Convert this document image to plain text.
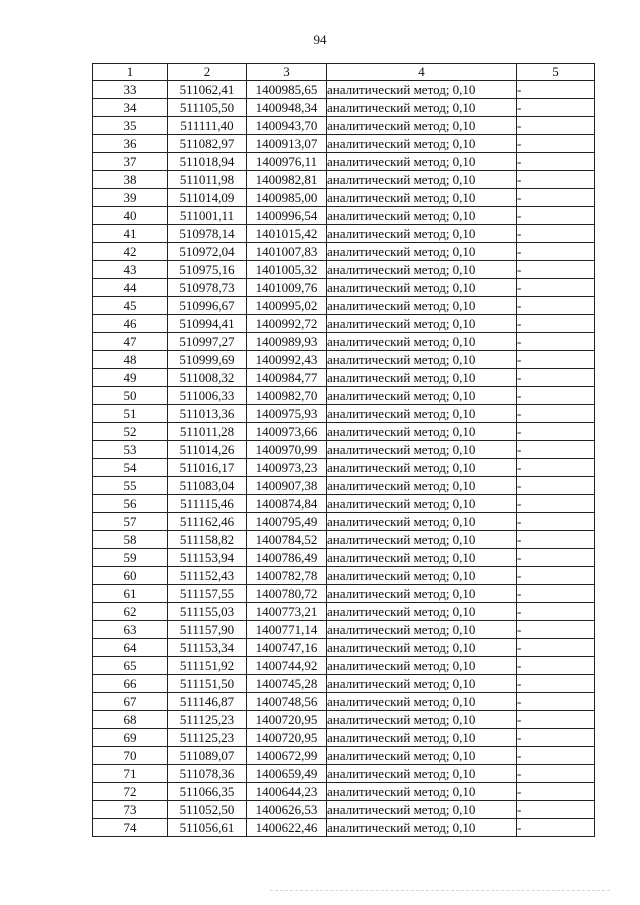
94
1	2	3	4	5
33	511062,41	1400985,65	аналитический метод; 0,10	-
34	511105,50	1400948,34	аналитический метод; 0,10	-
35	511111,40	1400943,70	аналитический метод; 0,10	-
36	511082,97	1400913,07	аналитический метод; 0,10	-
37	511018,94	1400976,11	аналитический метод; 0,10	-
38	511011,98	1400982,81	аналитический метод; 0,10	-
39	511014,09	1400985,00	аналитический метод; 0,10	-
40	511001,11	1400996,54	аналитический метод; 0,10	-
41	510978,14	1401015,42	аналитический метод; 0,10	-
42	510972,04	1401007,83	аналитический метод; 0,10	-
43	510975,16	1401005,32	аналитический метод; 0,10	-
44	510978,73	1401009,76	аналитический метод; 0,10	-
45	510996,67	1400995,02	аналитический метод; 0,10	-
46	510994,41	1400992,72	аналитический метод; 0,10	-
47	510997,27	1400989,93	аналитический метод; 0,10	-
48	510999,69	1400992,43	аналитический метод; 0,10	-
49	511008,32	1400984,77	аналитический метод; 0,10	-
50	511006,33	1400982,70	аналитический метод; 0,10	-
51	511013,36	1400975,93	аналитический метод; 0,10	-
52	511011,28	1400973,66	аналитический метод; 0,10	-
53	511014,26	1400970,99	аналитический метод; 0,10	-
54	511016,17	1400973,23	аналитический метод; 0,10	-
55	511083,04	1400907,38	аналитический метод; 0,10	-
56	511115,46	1400874,84	аналитический метод; 0,10	-
57	511162,46	1400795,49	аналитический метод; 0,10	-
58	511158,82	1400784,52	аналитический метод; 0,10	-
59	511153,94	1400786,49	аналитический метод; 0,10	-
60	511152,43	1400782,78	аналитический метод; 0,10	-
61	511157,55	1400780,72	аналитический метод; 0,10	-
62	511155,03	1400773,21	аналитический метод; 0,10	-
63	511157,90	1400771,14	аналитический метод; 0,10	-
64	511153,34	1400747,16	аналитический метод; 0,10	-
65	511151,92	1400744,92	аналитический метод; 0,10	-
66	511151,50	1400745,28	аналитический метод; 0,10	-
67	511146,87	1400748,56	аналитический метод; 0,10	-
68	511125,23	1400720,95	аналитический метод; 0,10	-
69	511125,23	1400720,95	аналитический метод; 0,10	-
70	511089,07	1400672,99	аналитический метод; 0,10	-
71	511078,36	1400659,49	аналитический метод; 0,10	-
72	511066,35	1400644,23	аналитический метод; 0,10	-
73	511052,50	1400626,53	аналитический метод; 0,10	-
74	511056,61	1400622,46	аналитический метод; 0,10	-
